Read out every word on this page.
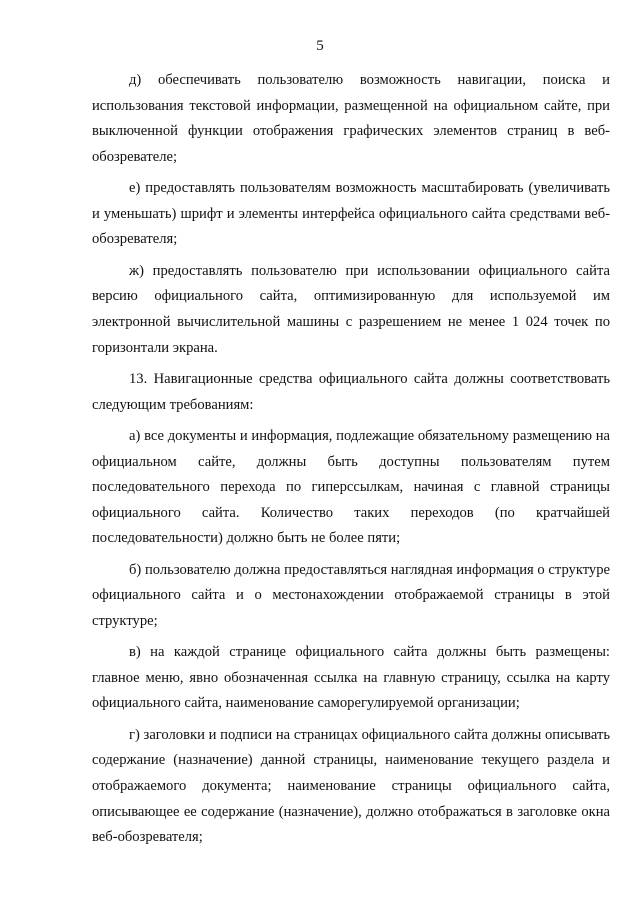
5

д) обеспечивать пользователю возможность навигации, поиска и использования текстовой информации, размещенной на официальном сайте, при выключенной функции отображения графических элементов страниц в веб-обозревателе;

е) предоставлять пользователям возможность масштабировать (увеличивать и уменьшать) шрифт и элементы интерфейса официального сайта средствами веб-обозревателя;

ж) предоставлять пользователю при использовании официального сайта версию официального сайта, оптимизированную для используемой им электронной вычислительной машины с разрешением не менее 1 024 точек по горизонтали экрана.

13. Навигационные средства официального сайта должны соответствовать следующим требованиям:

а) все документы и информация, подлежащие обязательному размещению на официальном сайте, должны быть доступны пользователям путем последовательного перехода по гиперссылкам, начиная с главной страницы официального сайта. Количество таких переходов (по кратчайшей последовательности) должно быть не более пяти;

б) пользователю должна предоставляться наглядная информация о структуре официального сайта и о местонахождении отображаемой страницы в этой структуре;

в) на каждой странице официального сайта должны быть размещены: главное меню, явно обозначенная ссылка на главную страницу, ссылка на карту официального сайта, наименование саморегулируемой организации;

г) заголовки и подписи на страницах официального сайта должны описывать содержание (назначение) данной страницы, наименование текущего раздела и отображаемого документа; наименование страницы официального сайта, описывающее ее содержание (назначение), должно отображаться в заголовке окна веб-обозревателя;
